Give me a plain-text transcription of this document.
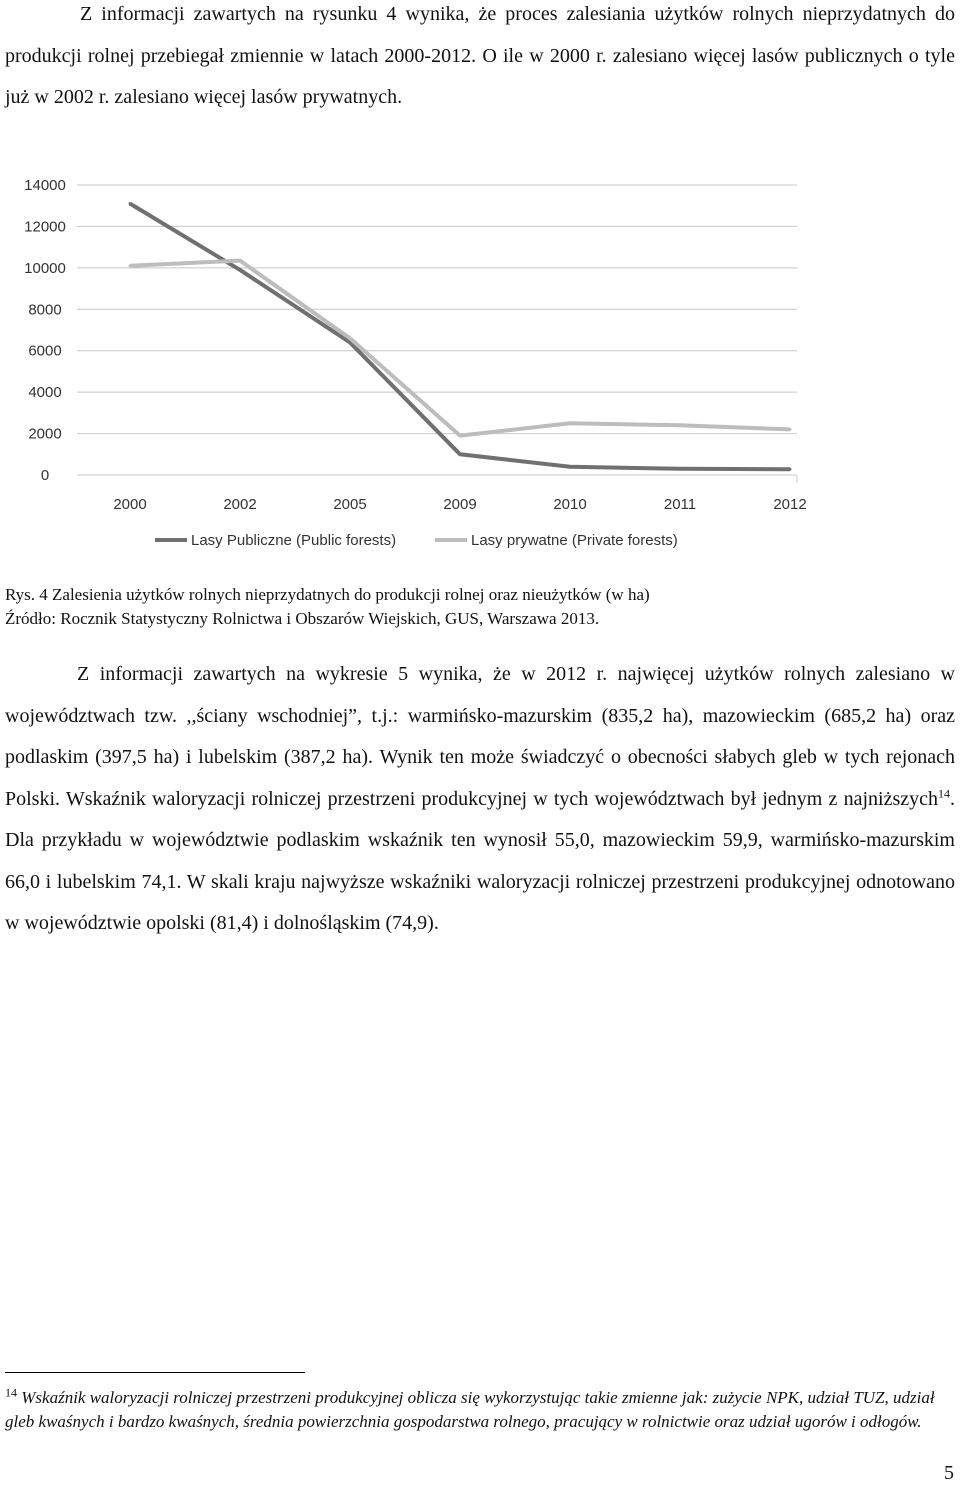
Z informacji zawartych na rysunku 4 wynika, że proces zalesiania użytków rolnych nieprzydatnych do produkcji rolnej przebiegał zmiennie w latach 2000-2012. O ile w 2000 r. zalesiano więcej lasów publicznych o tyle już w 2002 r. zalesiano więcej lasów prywatnych.

0
2000
4000
6000
8000
10000
12000
14000
2000	2002	2005	2009	2010	2011	2012
Lasy Publiczne (Public forests)	Lasy prywatne (Private forests)
Rys. 4 Zalesienia użytków rolnych nieprzydatnych do produkcji rolnej oraz nieużytków (w ha)
Źródło: Rocznik Statystyczny Rolnictwa i Obszarów Wiejskich, GUS, Warszawa 2013.

Z informacji zawartych na wykresie 5 wynika, że w 2012 r. najwięcej użytków rolnych zalesiano w województwach tzw. ,,ściany wschodniej”, t.j.: warmińsko-mazurskim (835,2 ha), mazowieckim (685,2 ha) oraz podlaskim (397,5 ha) i lubelskim (387,2 ha). Wynik ten może świadczyć o obecności słabych gleb w tych rejonach Polski. Wskaźnik waloryzacji rolniczej przestrzeni produkcyjnej w tych województwach był jednym z najniższych$^{14}$. Dla przykładu w województwie podlaskim wskaźnik ten wynosił 55,0, mazowieckim 59,9, warmińsko-mazurskim 66,0 i lubelskim 74,1. W skali kraju najwyższe wskaźniki waloryzacji rolniczej przestrzeni produkcyjnej odnotowano w województwie opolski (81,4) i dolnośląskim (74,9).

$^{14}$ Wskaźnik waloryzacji rolniczej przestrzeni produkcyjnej oblicza się wykorzystując takie zmienne jak: zużycie NPK, udział TUZ, udział gleb kwaśnych i bardzo kwaśnych, średnia powierzchnia gospodarstwa rolnego, pracujący w rolnictwie oraz udział ugorów i odłogów.
5
